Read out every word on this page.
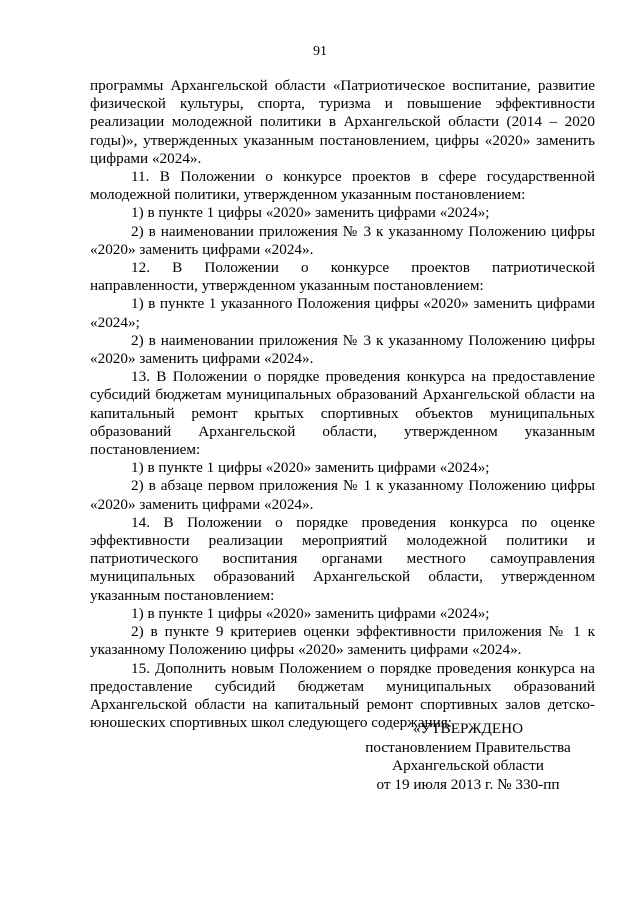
91

программы Архангельской области «Патриотическое воспитание, развитие физической культуры, спорта, туризма и повышение эффективности реализации молодежной политики в Архангельской области (2014 – 2020 годы)», утвержденных указанным постановлением, цифры «2020» заменить цифрами «2024».

11. В Положении о конкурсе проектов в сфере государственной молодежной политики, утвержденном указанным постановлением:

1) в пункте 1 цифры «2020» заменить цифрами «2024»;

2) в наименовании приложения № 3 к указанному Положению цифры «2020» заменить цифрами «2024».

12. В Положении о конкурсе проектов патриотической направленности, утвержденном указанным постановлением:

1) в пункте 1 указанного Положения цифры «2020» заменить цифрами «2024»;

2) в наименовании приложения № 3 к указанному Положению цифры «2020» заменить цифрами «2024».

13. В Положении о порядке проведения конкурса на предоставление субсидий бюджетам муниципальных образований Архангельской области на капитальный ремонт крытых спортивных объектов муниципальных образований Архангельской области, утвержденном указанным постановлением:

1) в пункте 1 цифры «2020» заменить цифрами «2024»;

2) в абзаце первом приложения № 1 к указанному Положению цифры «2020» заменить цифрами «2024».

14. В Положении о порядке проведения конкурса по оценке эффективности реализации мероприятий молодежной политики и патриотического воспитания органами местного самоуправления муниципальных образований Архангельской области, утвержденном указанным постановлением:

1) в пункте 1 цифры «2020» заменить цифрами «2024»;

2) в пункте 9 критериев оценки эффективности приложения № 1 к указанному Положению цифры «2020» заменить цифрами «2024».

15. Дополнить новым Положением о порядке проведения конкурса на предоставление субсидий бюджетам муниципальных образований Архангельской области на капитальный ремонт спортивных залов детско-юношеских спортивных школ следующего содержания:

«УТВЕРЖДЕНО
постановлением Правительства
Архангельской области
от 19 июля 2013 г. № 330-пп
